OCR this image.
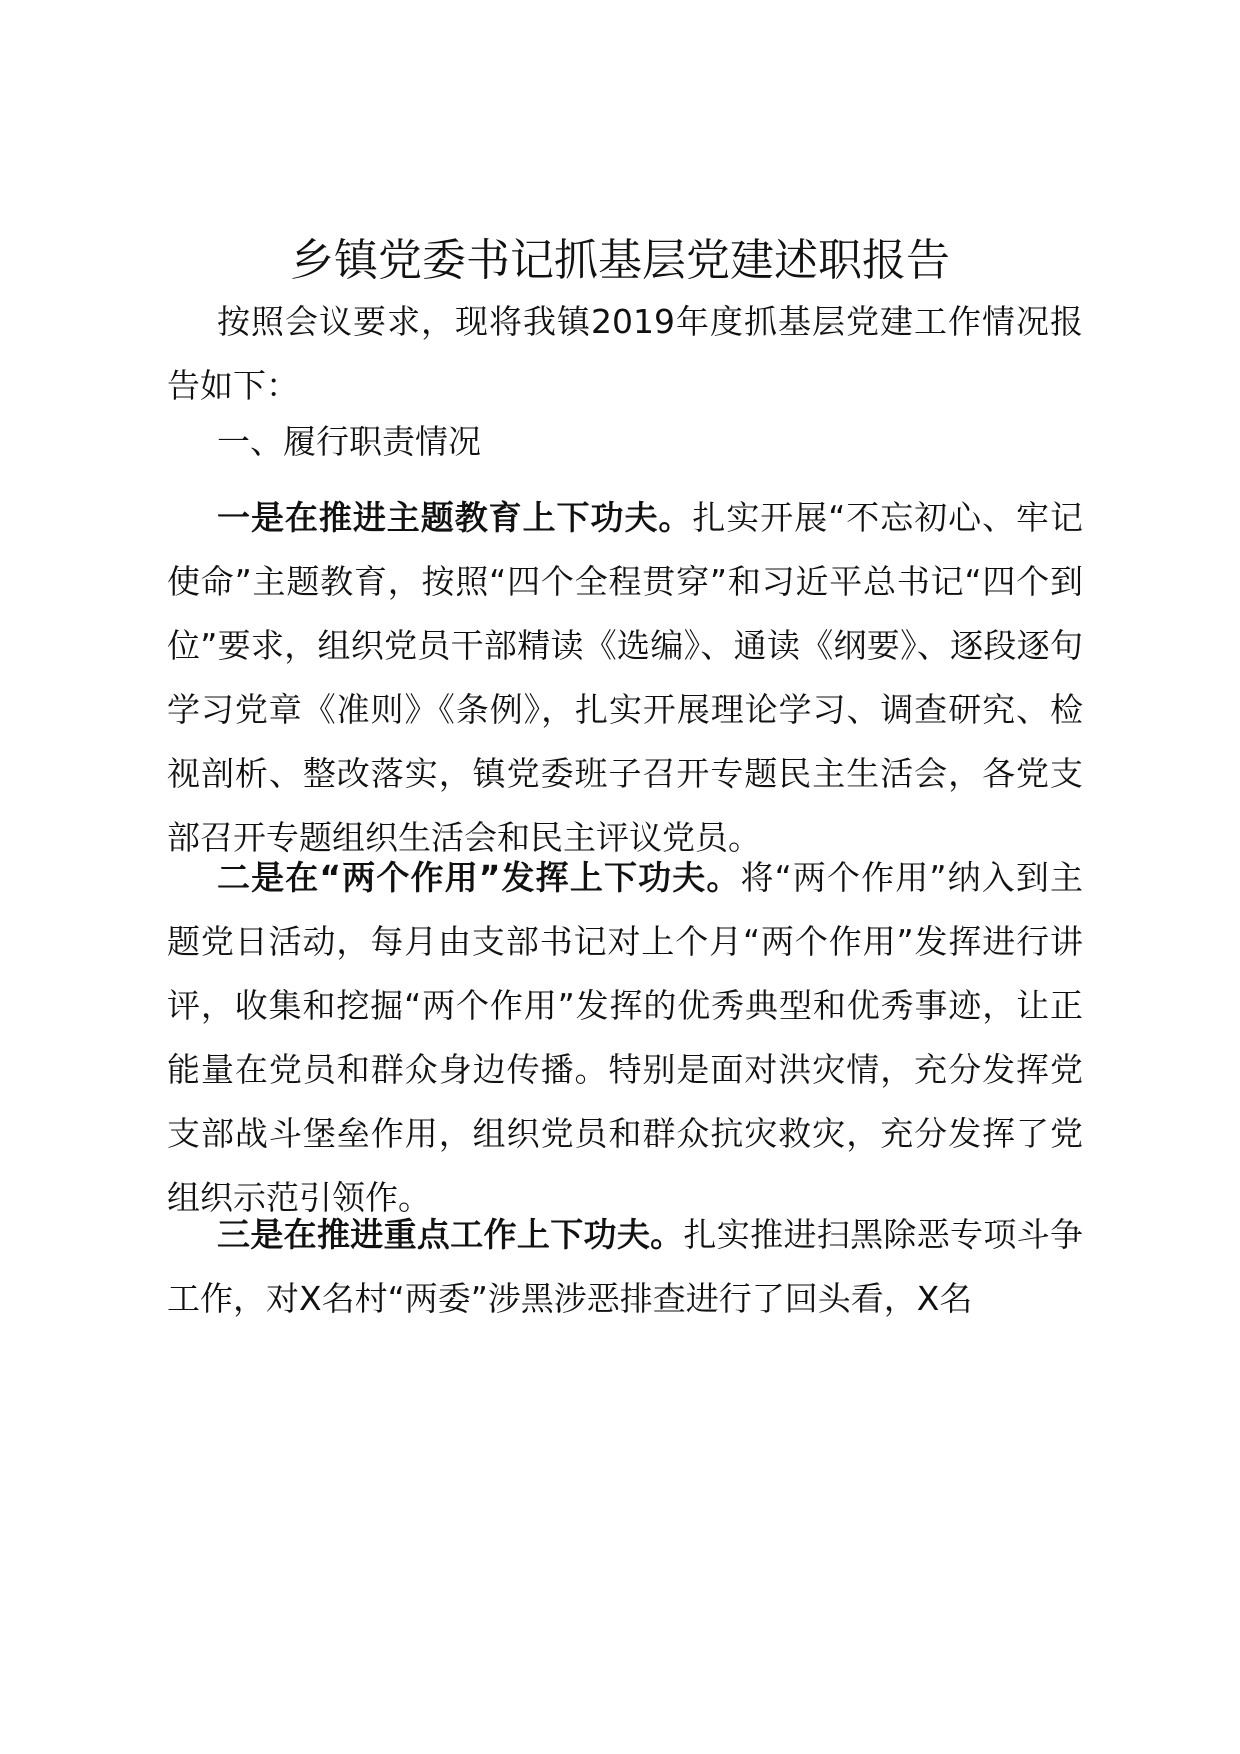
乡镇党委书记抓基层党建述职报告

按照会议要求，现将我镇2019年度抓基层党建工作情况报告如下：

一、履行职责情况

一是在推进主题教育上下功夫。扎实开展“不忘初心、牢记使命”主题教育，按照“四个全程贯穿”和习近平总书记“四个到位”要求，组织党员干部精读《选编》、通读《纲要》、逐段逐句学习党章《准则》《条例》，扎实开展理论学习、调查研究、检视剖析、整改落实，镇党委班子召开专题民主生活会，各党支部召开专题组织生活会和民主评议党员。

二是在“两个作用”发挥上下功夫。将“两个作用”纳入到主题党日活动，每月由支部书记对上个月“两个作用”发挥进行讲评，收集和挖掘“两个作用”发挥的优秀典型和优秀事迹，让正能量在党员和群众身边传播。特别是面对洪灾情，充分发挥党支部战斗堡垒作用，组织党员和群众抗灾救灾，充分发挥了党组织示范引领作。

三是在推进重点工作上下功夫。扎实推进扫黑除恶专项斗争工作，对X名村“两委”涉黑涉恶排查进行了回头看，X名
